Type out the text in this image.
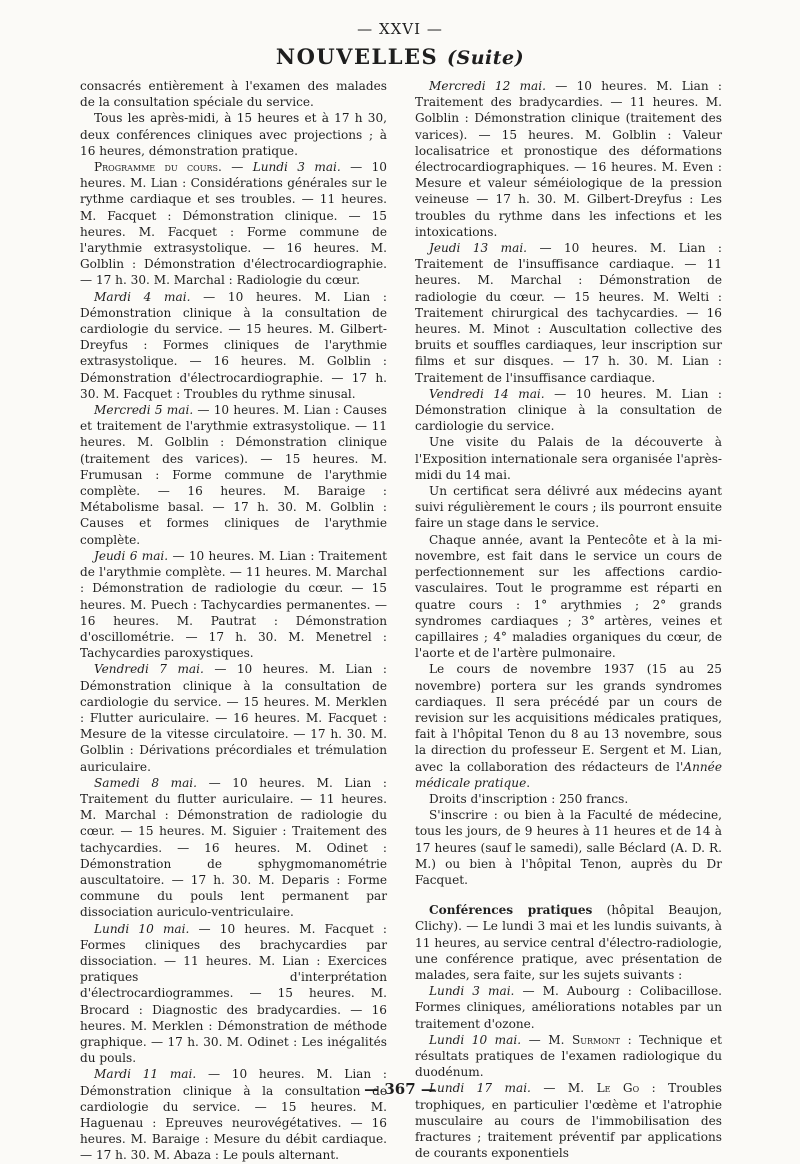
— XXVI —
NOUVELLES (Suite)

consacrés entièrement à l'examen des malades de la consultation spéciale du service.

Tous les après-midi, à 15 heures et à 17 h 30, deux conférences cliniques avec projections ; à 16 heures, démonstration pratique.

Programme du cours. — Lundi 3 mai. — 10 heures. M. Lian : Considérations générales sur le rythme cardiaque et ses troubles. — 11 heures. M. Facquet : Démonstration clinique. — 15 heures. M. Facquet : Forme commune de l'arythmie extrasystolique. — 16 heures. M. Golblin : Démonstration d'électrocardiographie. — 17 h. 30. M. Marchal : Radiologie du cœur.

Mardi 4 mai. — 10 heures. M. Lian : Démonstration clinique à la consultation de cardiologie du service. — 15 heures. M. Gilbert-Dreyfus : Formes cliniques de l'arythmie extrasystolique. — 16 heures. M. Golblin : Démonstration d'électrocardiographie. — 17 h. 30. M. Facquet : Troubles du rythme sinusal.

Mercredi 5 mai. — 10 heures. M. Lian : Causes et traitement de l'arythmie extrasystolique. — 11 heures. M. Golblin : Démonstration clinique (traitement des varices). — 15 heures. M. Frumusan : Forme commune de l'arythmie complète. — 16 heures. M. Baraige : Métabolisme basal. — 17 h. 30. M. Golblin : Causes et formes cliniques de l'arythmie complète.

Jeudi 6 mai. — 10 heures. M. Lian : Traitement de l'arythmie complète. — 11 heures. M. Marchal : Démonstration de radiologie du cœur. — 15 heures. M. Puech : Tachycardies permanentes. — 16 heures. M. Pautrat : Démonstration d'oscillométrie. — 17 h. 30. M. Menetrel : Tachycardies paroxystiques.

Vendredi 7 mai. — 10 heures. M. Lian : Démonstration clinique à la consultation de cardiologie du service. — 15 heures. M. Merklen : Flutter auriculaire. — 16 heures. M. Facquet : Mesure de la vitesse circulatoire. — 17 h. 30. M. Golblin : Dérivations précordiales et trémulation auriculaire.

Samedi 8 mai. — 10 heures. M. Lian : Traitement du flutter auriculaire. — 11 heures. M. Marchal : Démonstration de radiologie du cœur. — 15 heures. M. Siguier : Traitement des tachycardies. — 16 heures. M. Odinet : Démonstration de sphygmomanométrie auscultatoire. — 17 h. 30. M. Deparis : Forme commune du pouls lent permanent par dissociation auriculo-ventriculaire.

Lundi 10 mai. — 10 heures. M. Facquet : Formes cliniques des brachycardies par dissociation. — 11 heures. M. Lian : Exercices pratiques d'interprétation d'électrocardiogrammes. — 15 heures. M. Brocard : Diagnostic des bradycardies. — 16 heures. M. Merklen : Démonstration de méthode graphique. — 17 h. 30. M. Odinet : Les inégalités du pouls.

Mardi 11 mai. — 10 heures. M. Lian : Démonstration clinique à la consultation de cardiologie du service. — 15 heures. M. Haguenau : Epreuves neurovégétatives. — 16 heures. M. Baraige : Mesure du débit cardiaque. — 17 h. 30. M. Abaza : Le pouls alternant.

Mercredi 12 mai. — 10 heures. M. Lian : Traitement des bradycardies. — 11 heures. M. Golblin : Démonstration clinique (traitement des varices). — 15 heures. M. Golblin : Valeur localisatrice et pronostique des déformations électrocardiographiques. — 16 heures. M. Even : Mesure et valeur séméiologique de la pression veineuse — 17 h. 30. M. Gilbert-Dreyfus : Les troubles du rythme dans les infections et les intoxications.

Jeudi 13 mai. — 10 heures. M. Lian : Traitement de l'insuffisance cardiaque. — 11 heures. M. Marchal : Démonstration de radiologie du cœur. — 15 heures. M. Welti : Traitement chirurgical des tachycardies. — 16 heures. M. Minot : Auscultation collective des bruits et souffles cardiaques, leur inscription sur films et sur disques. — 17 h. 30. M. Lian : Traitement de l'insuffisance cardiaque.

Vendredi 14 mai. — 10 heures. M. Lian : Démonstration clinique à la consultation de cardiologie du service.

Une visite du Palais de la découverte à l'Exposition internationale sera organisée l'après-midi du 14 mai.

Un certificat sera délivré aux médecins ayant suivi régulièrement le cours ; ils pourront ensuite faire un stage dans le service.

Chaque année, avant la Pentecôte et à la mi-novembre, est fait dans le service un cours de perfectionnement sur les affections cardio-vasculaires. Tout le programme est réparti en quatre cours : 1° arythmies ; 2° grands syndromes cardiaques ; 3° artères, veines et capillaires ; 4° maladies organiques du cœur, de l'aorte et de l'artère pulmonaire.

Le cours de novembre 1937 (15 au 25 novembre) portera sur les grands syndromes cardiaques. Il sera précédé par un cours de revision sur les acquisitions médicales pratiques, fait à l'hôpital Tenon du 8 au 13 novembre, sous la direction du professeur E. Sergent et M. Lian, avec la collaboration des rédacteurs de l'Année médicale pratique.

Droits d'inscription : 250 francs.

S'inscrire : ou bien à la Faculté de médecine, tous les jours, de 9 heures à 11 heures et de 14 à 17 heures (sauf le samedi), salle Béclard (A. D. R. M.) ou bien à l'hôpital Tenon, auprès du Dr Facquet.

Conférences pratiques (hôpital Beaujon, Clichy). — Le lundi 3 mai et les lundis suivants, à 11 heures, au service central d'électro-radiologie, une conférence pratique, avec présentation de malades, sera faite, sur les sujets suivants :

Lundi 3 mai. — M. Aubourg : Colibacillose. Formes cliniques, améliorations notables par un traitement d'ozone.

Lundi 10 mai. — M. Surmont : Technique et résultats pratiques de l'examen radiologique du duodénum.

Lundi 17 mai. — M. Le Go : Troubles trophiques, en particulier l'œdème et l'atrophie musculaire au cours de l'immobilisation des fractures ; traitement préventif par applications de courants exponentiels

— 367 —
